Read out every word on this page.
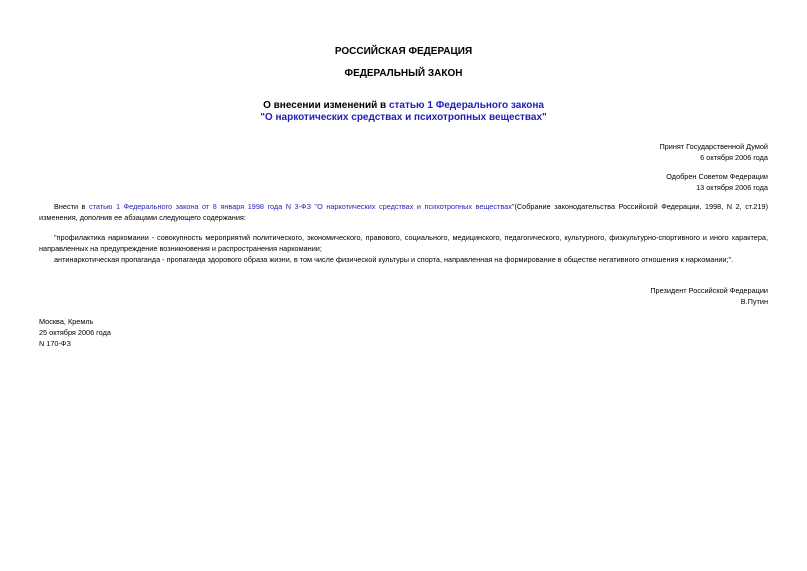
РОССИЙСКАЯ ФЕДЕРАЦИЯ
ФЕДЕРАЛЬНЫЙ ЗАКОН
О внесении изменений в статью 1 Федерального закона
"О наркотических средствах и психотропных веществах"
Принят Государственной Думой
6 октября 2006 года
Одобрен Советом Федерации
13 октября 2006 года
Внести в статью 1 Федерального закона от 8 января 1998 года N 3-ФЗ "О наркотических средствах и психотропных веществах"(Собрание законодательства Российской Федерации, 1998, N 2, ст.219) изменения, дополнив ее абзацами следующего содержания:
"профилактика наркомании - совокупность мероприятий политического, экономического, правового, социального, медицинского, педагогического, культурного, физкультурно-спортивного и иного характера, направленных на предупреждение возникновения и распространения наркомании;
антинаркотическая пропаганда - пропаганда здорового образа жизни, в том числе физической культуры и спорта, направленная на формирование в обществе негативного отношения к наркомании;".
Президент Российской Федерации
В.Путин
Москва, Кремль
25 октября 2006 года
N 170-ФЗ
